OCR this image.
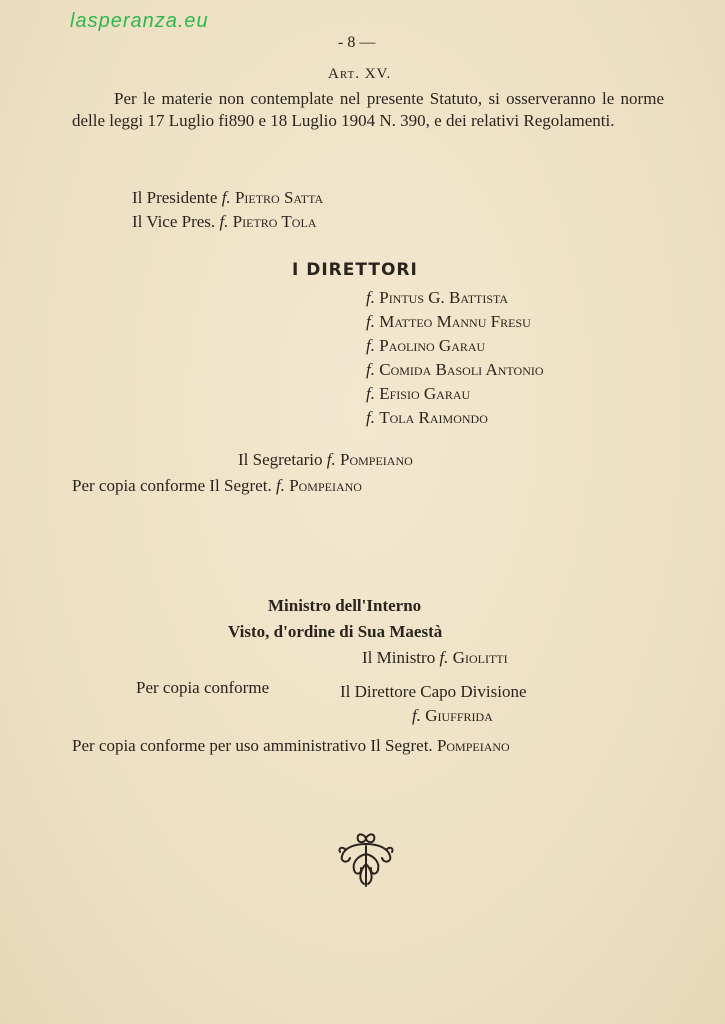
lasperanza.eu
- 8 —
Art. XV.
Per le materie non contemplate nel presente Statuto, si osserveranno le norme delle leggi 17 Luglio fi890 e 18 Luglio 1904 N. 390, e dei relativi Regolamenti.
Il Presidente f. Pietro Satta
Il Vice Pres. f. Pietro Tola
I DIRETTORI
f. Pintus G. Battista
f. Matteo Mannu Fresu
f. Paolino Garau
f. Comida Basoli Antonio
f. Efisio Garau
f. Tola Raimondo
Il Segretario f. Pompeiano
Per copia conforme Il Segret. f. Pompeiano
Ministro dell'Interno
Visto, d'ordine di Sua Maestà
Il Ministro f. Giolitti
Per copia conforme	Il Direttore Capo Divisione
f. Giuffrida
Per copia conforme per uso amministrativo Il Segret. Pompeiano
